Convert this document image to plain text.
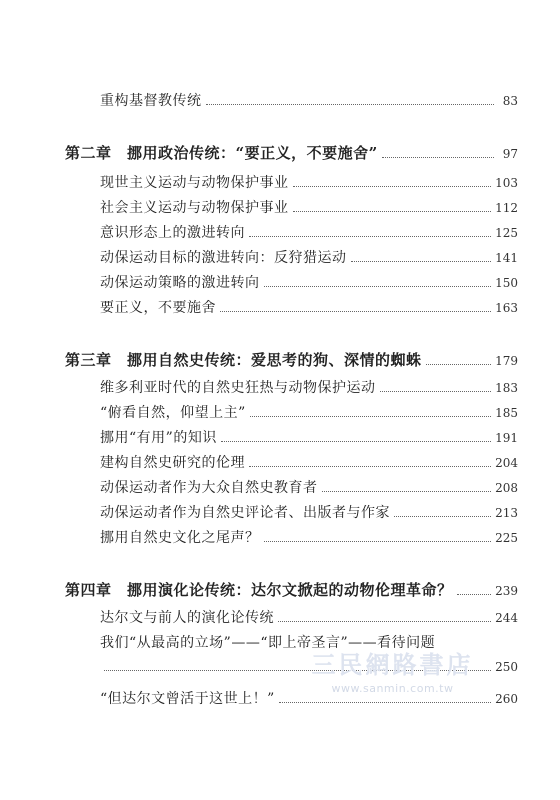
重构基督教传统	83
第二章　挪用政治传统：“要正义，不要施舍”	97
现世主义运动与动物保护事业	103
社会主义运动与动物保护事业	112
意识形态上的激进转向	125
动保运动目标的激进转向：反狩猎运动	141
动保运动策略的激进转向	150
要正义，不要施舍	163
第三章　挪用自然史传统：爱思考的狗、深情的蜘蛛	179
维多利亚时代的自然史狂热与动物保护运动	183
“俯看自然，仰望上主”	185
挪用“有用”的知识	191
建构自然史研究的伦理	204
动保运动者作为大众自然史教育者	208
动保运动者作为自然史评论者、出版者与作家	213
挪用自然史文化之尾声？	225
第四章　挪用演化论传统：达尔文掀起的动物伦理革命？	239
达尔文与前人的演化论传统	244
我们“从最高的立场”——“即上帝圣言”——看待问题
250
“但达尔文曾活于这世上！”	260
三民網路書店
www.sanmin.com.tw
